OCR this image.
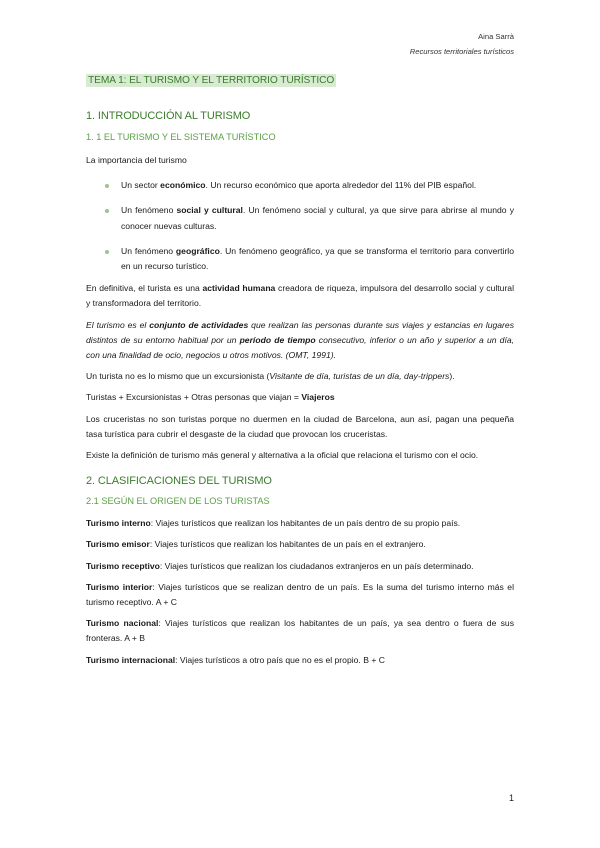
Aina Sarrà
Recursos territoriales turísticos
TEMA 1: EL TURISMO Y EL TERRITORIO TURÍSTICO
1. INTRODUCCIÓN AL TURISMO
1. 1 EL TURISMO Y EL SISTEMA TURÍSTICO

La importancia del turismo

Un sector económico. Un recurso económico que aporta alrededor del 11% del PIB español.
Un fenómeno social y cultural. Un fenómeno social y cultural, ya que sirve para abrirse al mundo y conocer nuevas culturas.
Un fenómeno geográfico. Un fenómeno geográfico, ya que se transforma el territorio para convertirlo en un recurso turístico.

En definitiva, el turista es una actividad humana creadora de riqueza, impulsora del desarrollo social y cultural y transformadora del territorio.

El turismo es el conjunto de actividades que realizan las personas durante sus viajes y estancias en lugares distintos de su entorno habitual por un período de tiempo consecutivo, inferior o un año y superior a un día, con una finalidad de ocio, negocios u otros motivos. (OMT, 1991).

Un turista no es lo mismo que un excursionista (Visitante de día, turistas de un día, day-trippers).

Turistas + Excursionistas + Otras personas que viajan = Viajeros

Los cruceristas no son turistas porque no duermen en la ciudad de Barcelona, aun así, pagan una pequeña tasa turística para cubrir el desgaste de la ciudad que provocan los cruceristas.

Existe la definición de turismo más general y alternativa a la oficial que relaciona el turismo con el ocio.

2. CLASIFICACIONES DEL TURISMO
2.1 SEGÚN EL ORIGEN DE LOS TURISTAS

Turismo interno: Viajes turísticos que realizan los habitantes de un país dentro de su propio país.

Turismo emisor: Viajes turísticos que realizan los habitantes de un país en el extranjero.

Turismo receptivo: Viajes turísticos que realizan los ciudadanos extranjeros en un país determinado.

Turismo interior: Viajes turísticos que se realizan dentro de un país. Es la suma del turismo interno más el turismo receptivo. A + C

Turismo nacional: Viajes turísticos que realizan los habitantes de un país, ya sea dentro o fuera de sus fronteras. A + B

Turismo internacional: Viajes turísticos a otro país que no es el propio. B + C

1
